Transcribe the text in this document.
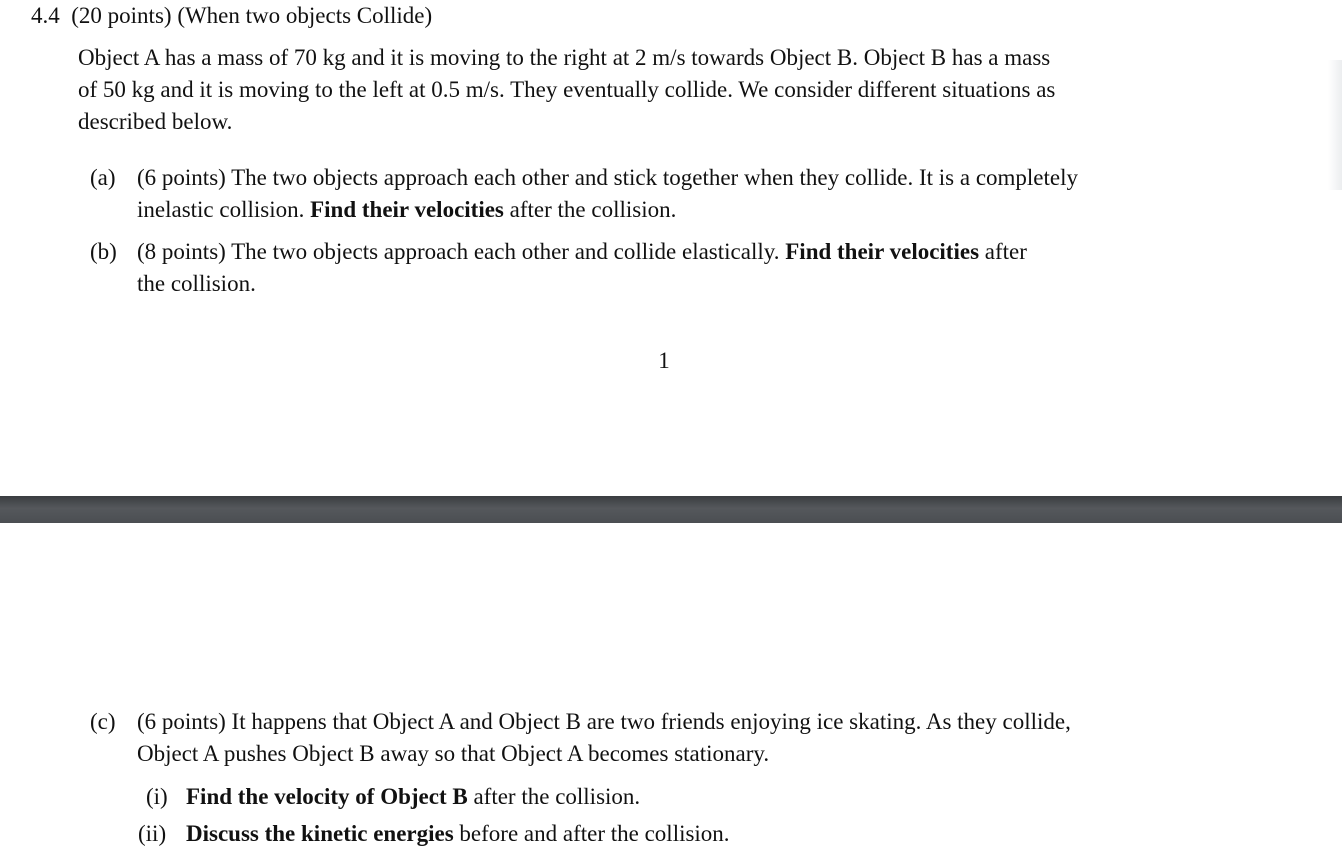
4.4 (20 points) (When two objects Collide)
Object A has a mass of 70 kg and it is moving to the right at 2 m/s towards Object B. Object B has a mass
of 50 kg and it is moving to the left at 0.5 m/s. They eventually collide. We consider different situations as
described below.
(a) (6 points) The two objects approach each other and stick together when they collide. It is a completely
inelastic collision. Find their velocities after the collision.
(b) (8 points) The two objects approach each other and collide elastically. Find their velocities after
the collision.
1
(c) (6 points) It happens that Object A and Object B are two friends enjoying ice skating. As they collide,
Object A pushes Object B away so that Object A becomes stationary.
(i) Find the velocity of Object B after the collision.
(ii) Discuss the kinetic energies before and after the collision.
